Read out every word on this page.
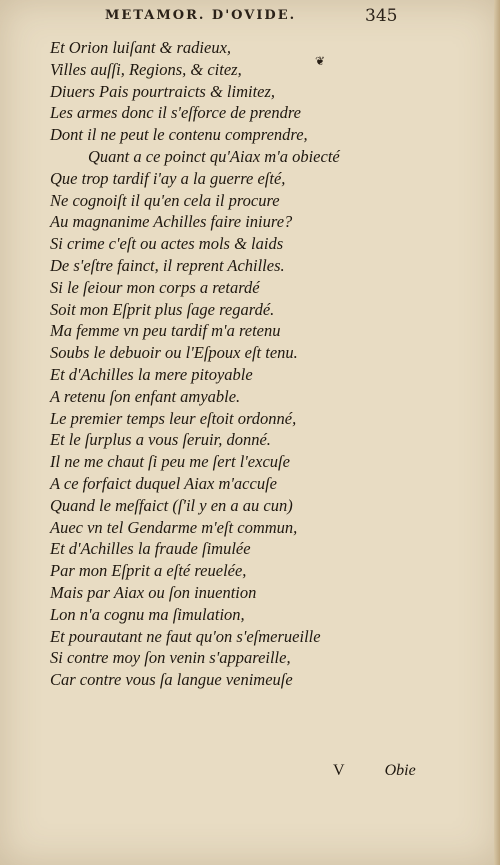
METAMOR. D'OVIDE.	345
❦
Et Orion luiſant & radieux,
Villes auſſi, Regions, & citez,
Diuers Pais pourtraicts & limitez,
Les armes donc il s'eſforce de prendre
Dont il ne peut le contenu comprendre,
Quant a ce poinct qu'Aiax m'a obiecté
Que trop tardif i'ay a la guerre eſté,
Ne cognoiſt il qu'en cela il procure
Au magnanime Achilles faire iniure?
Si crime c'eſt ou actes mols & laids
De s'eſtre fainct, il reprent Achilles.
Si le ſeiour mon corps a retardé
Soit mon Eſprit plus ſage regardé.
Ma femme vn peu tardif m'a retenu
Soubs le debuoir ou l'Eſpoux eſt tenu.
Et d'Achilles la mere pitoyable
A retenu ſon enfant amyable.
Le premier temps leur eſtoit ordonné,
Et le ſurplus a vous ſeruir, donné.
Il ne me chaut ſi peu me ſert l'excuſe
A ce forfaict duquel Aiax m'accuſe
Quand le meſfaict (ſ'il y en a au cun)
Auec vn tel Gendarme m'eſt commun,
Et d'Achilles la fraude ſimulée
Par mon Eſprit a eſté reuelée,
Mais par Aiax ou ſon inuention
Lon n'a cognu ma ſimulation,
Et pourautant ne faut qu'on s'eſmerueille
Si contre moy ſon venin s'appareille,
Car contre vous ſa langue venimeuſe
V	Obie
